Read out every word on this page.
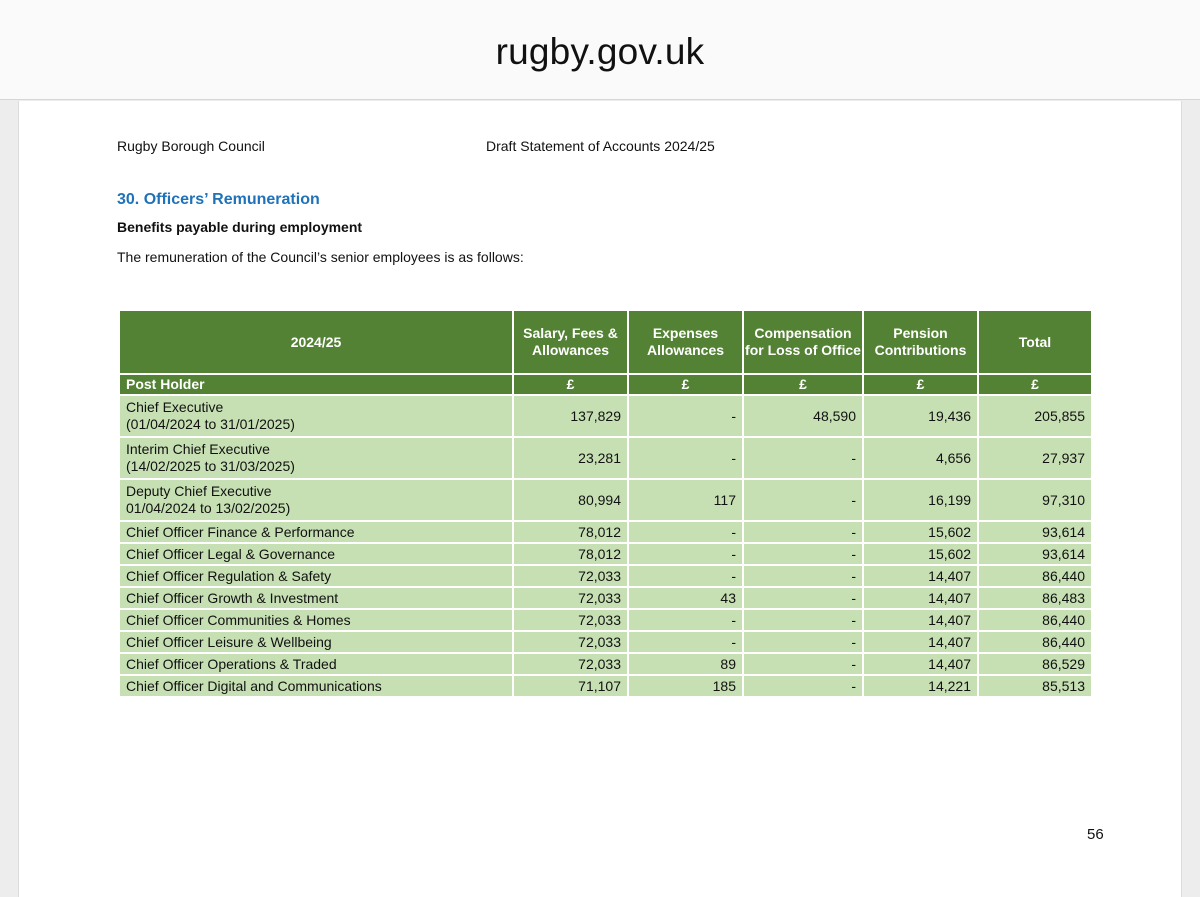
rugby.gov.uk
Rugby Borough Council	Draft Statement of Accounts 2024/25
30. Officers’ Remuneration
Benefits payable during employment
The remuneration of the Council’s senior employees is as follows:
2024/25	Salary, Fees & Allowances	Expenses Allowances	Compensation for Loss of Office	Pension Contributions	Total
Post Holder	£	£	£	£	£

Chief Executive
(01/04/2024 to 31/01/2025)	137,829	-	48,590	19,436	205,855

Interim Chief Executive
(14/02/2025 to 31/03/2025)	23,281	-	-	4,656	27,937

Deputy Chief Executive
01/04/2024 to 13/02/2025)	80,994	117	-	16,199	97,310
Chief Officer Finance & Performance	78,012	-	-	15,602	93,614
Chief Officer Legal & Governance	78,012	-	-	15,602	93,614
Chief Officer Regulation & Safety	72,033	-	-	14,407	86,440
Chief Officer Growth & Investment	72,033	43	-	14,407	86,483
Chief Officer Communities & Homes	72,033	-	-	14,407	86,440
Chief Officer Leisure & Wellbeing	72,033	-	-	14,407	86,440
Chief Officer Operations & Traded	72,033	89	-	14,407	86,529
Chief Officer Digital and Communications	71,107	185	-	14,221	85,513
56
